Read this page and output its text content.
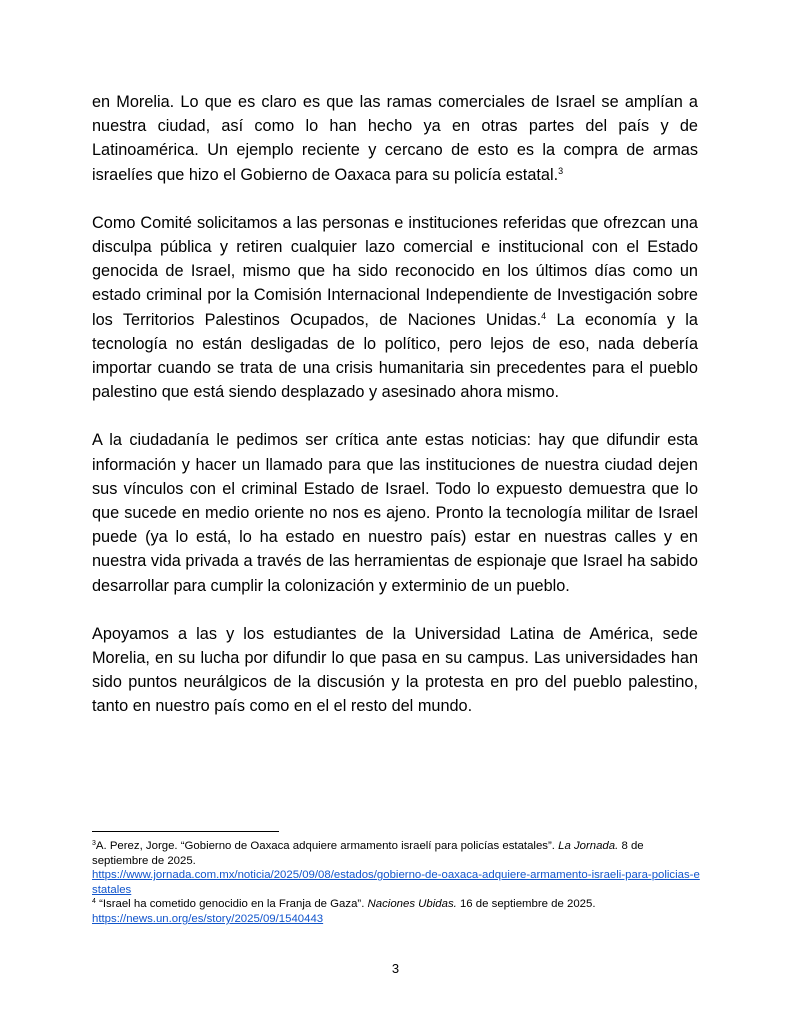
en Morelia. Lo que es claro es que las ramas comerciales de Israel se amplían a nuestra ciudad, así como lo han hecho ya en otras partes del país y de Latinoamérica. Un ejemplo reciente y cercano de esto es la compra de armas israelíes que hizo el Gobierno de Oaxaca para su policía estatal.$^3$

Como Comité solicitamos a las personas e instituciones referidas que ofrezcan una disculpa pública y retiren cualquier lazo comercial e institucional con el Estado genocida de Israel, mismo que ha sido reconocido en los últimos días como un estado criminal por la Comisión Internacional Independiente de Investigación sobre los Territorios Palestinos Ocupados, de Naciones Unidas.$^4$ La economía y la tecnología no están desligadas de lo político, pero lejos de eso, nada debería importar cuando se trata de una crisis humanitaria sin precedentes para el pueblo palestino que está siendo desplazado y asesinado ahora mismo.

A la ciudadanía le pedimos ser crítica ante estas noticias: hay que difundir esta información y hacer un llamado para que las instituciones de nuestra ciudad dejen sus vínculos con el criminal Estado de Israel. Todo lo expuesto demuestra que lo que sucede en medio oriente no nos es ajeno. Pronto la tecnología militar de Israel puede (ya lo está, lo ha estado en nuestro país) estar en nuestras calles y en nuestra vida privada a través de las herramientas de espionaje que Israel ha sabido desarrollar para cumplir la colonización y exterminio de un pueblo.

Apoyamos a las y los estudiantes de la Universidad Latina de América, sede Morelia, en su lucha por difundir lo que pasa en su campus. Las universidades han sido puntos neurálgicos de la discusión y la protesta en pro del pueblo palestino, tanto en nuestro país como en el el resto del mundo.

$^3$A. Perez, Jorge. “Gobierno de Oaxaca adquiere armamento israelí para policías estatales”. La Jornada. 8 de septiembre de 2025.
https://www.jornada.com.mx/noticia/2025/09/08/estados/gobierno-de-oaxaca-adquiere-armamento-israeli-para-policias-estatales

$^4$ “Israel ha cometido genocidio en la Franja de Gaza”. Naciones Ubidas. 16 de septiembre de 2025.
https://news.un.org/es/story/2025/09/1540443

3
